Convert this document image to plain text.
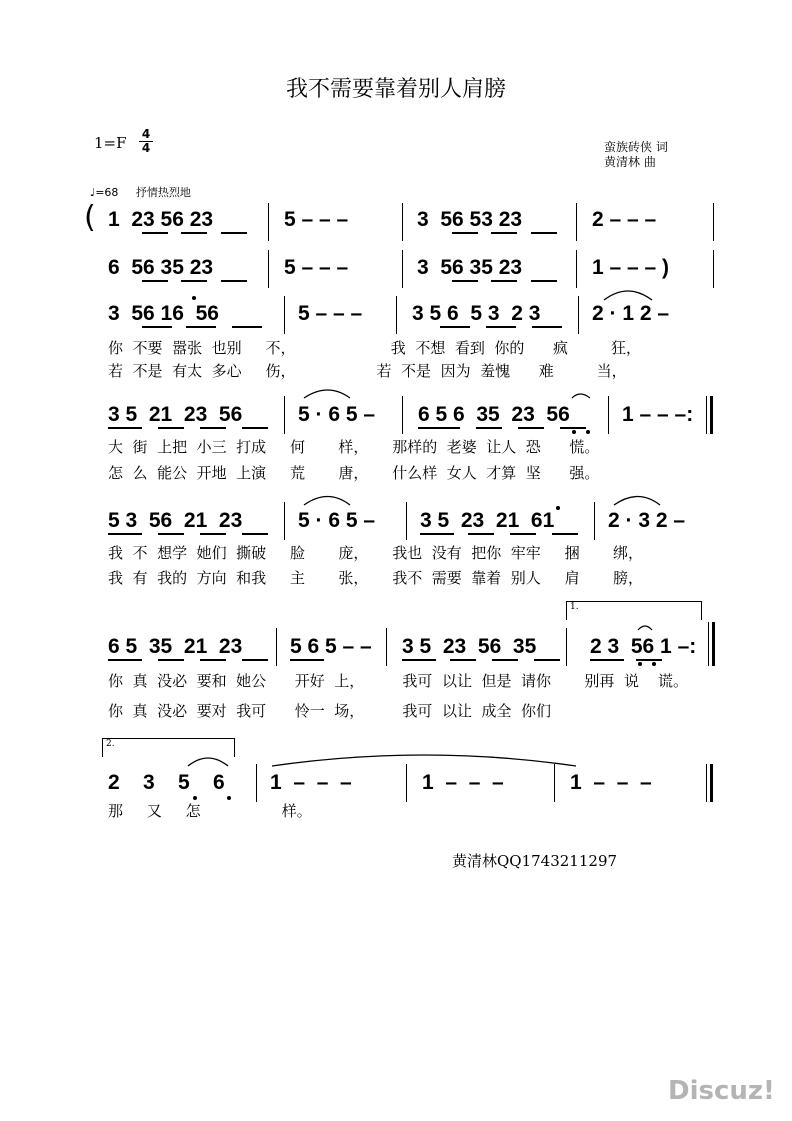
我不需要靠着别人肩膀
1=F 4
4	蛮族砖侠 词
黄清林 曲
♩=68 抒情热烈地
( 1  23 56 23	5 – – –	3  56 53 23	2 – – –
6  56 35 23	5 – – –	3  56 35 23	1 – – – )
3  56 16  56	5 – – – 3 5 6  5 3  2 3 2 · 1 2 –
你  不要  嚣张  也别     不，                    我  不想  看到  你的      疯         狂，
若  不是  有太  多心     伤，                 若  不是  因为  羞愧      难         当，
3 5  21  23  56	5 · 6 5 – 6 5 6  35  23  56 1 – – –:
大  街  上把  小三  打成     何       样，     那样的  老婆  让人  恐      慌。
怎  么  能公  开地  上演     荒       唐，     什么样  女人  才算  坚      强。
5 3  56  21  23	5 · 6 5 – 3 5  23  21  61	2 · 3 2 –
我  不  想学  她们  撕破     脸       庞，     我也  没有  把你  牢牢     捆       绑，
我  有  我的  方向  和我     主       张，     我不  需要  靠着  别人     肩       膀，
1.
6 5  35  21  23 5 6 5 – – 3 5  23  56  35	2 3  56 1 –:
你  真  没必  要和  她公      开好  上，        我可  以让  但是  请你       别再  说    谎。
你  真  没必  要对  我可      怜一  场，        我可  以让  成全  你们
2.
2    3    5    6 1  –  –  –	1  –  –  –	1  –  –  –
那     又     怎                 样。
黄清林QQ1743211297
Discuz!
